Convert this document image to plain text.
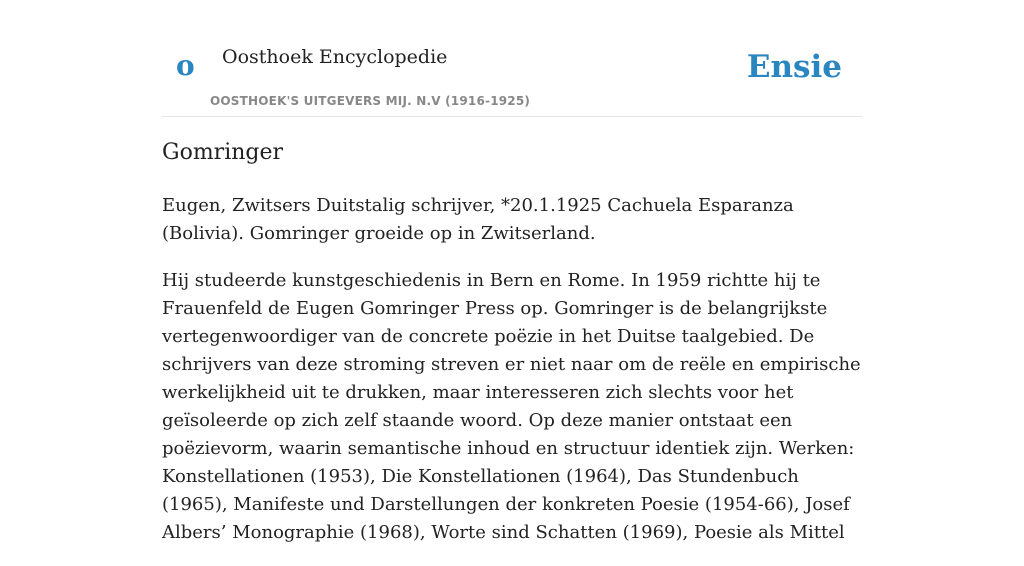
o Oosthoek Encyclopedie
OOSTHOEK'S UITGEVERS MIJ. N.V (1916-1925)
Ensie
Gomringer

Eugen, Zwitsers Duitstalig schrijver, *20.1.1925 Cachuela Esparanza (Bolivia). Gomringer groeide op in Zwitserland.

Hij studeerde kunstgeschiedenis in Bern en Rome. In 1959 richtte hij te Frauenfeld de Eugen Gomringer Press op. Gomringer is de belangrijkste vertegenwoordiger van de concrete poëzie in het Duitse taalgebied. De schrijvers van deze stroming streven er niet naar om de reële en empirische werkelijkheid uit te drukken, maar interesseren zich slechts voor het geïsoleerde op zich zelf staande woord. Op deze manier ontstaat een poëzievorm, waarin semantische inhoud en structuur identiek zijn. Werken: Konstellationen (1953), Die Konstellationen (1964), Das Stundenbuch (1965), Manifeste und Darstellungen der konkreten Poesie (1954-66), Josef Albers’ Monographie (1968), Worte sind Schatten (1969), Poesie als Mittel
